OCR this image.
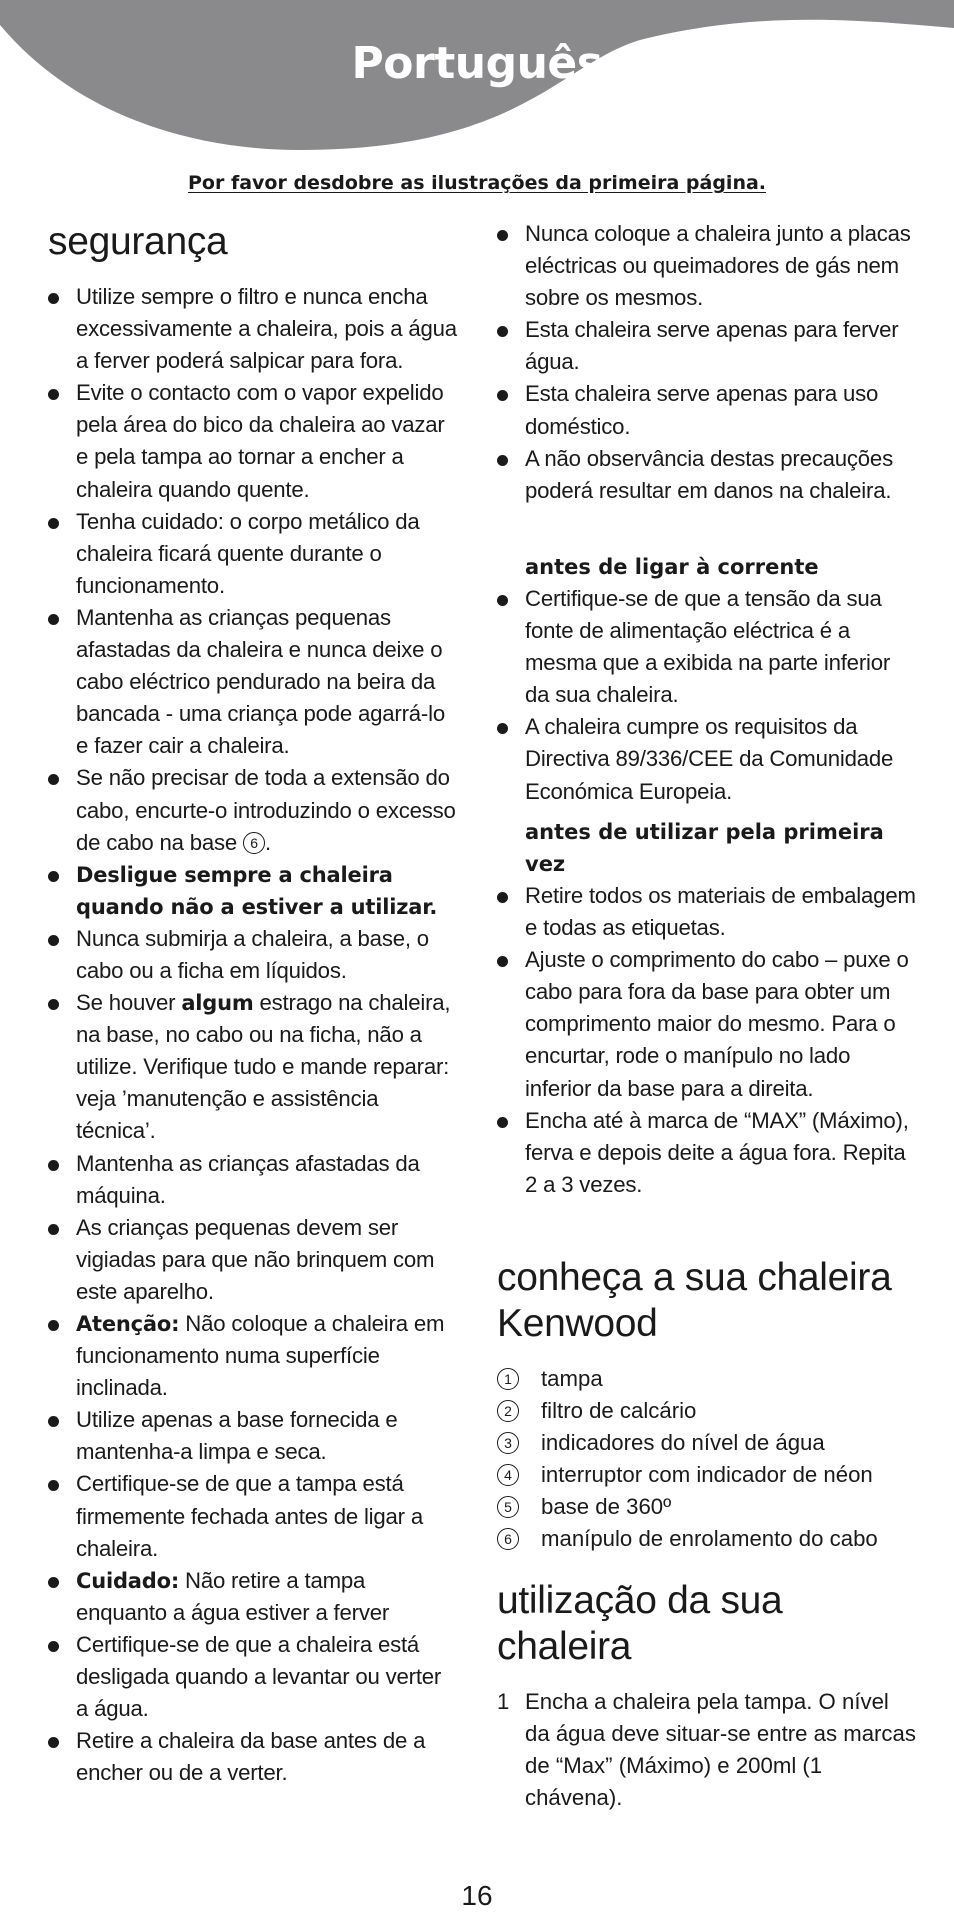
Português
Por favor desdobre as ilustrações da primeira página.
segurança
Utilize sempre o filtro e nunca encha excessivamente a chaleira, pois a água a ferver poderá salpicar para fora.
Evite o contacto com o vapor expelido pela área do bico da chaleira ao vazar e pela tampa ao tornar a encher a chaleira quando quente.
Tenha cuidado: o corpo metálico da chaleira ficará quente durante o funcionamento.
Mantenha as crianças pequenas afastadas da chaleira e nunca deixe o cabo eléctrico pendurado na beira da bancada - uma criança pode agarrá-lo e fazer cair a chaleira.
Se não precisar de toda a extensão do cabo, encurte-o introduzindo o excesso de cabo na base 6 .
Desligue sempre a chaleira quando não a estiver a utilizar.
Nunca submirja a chaleira, a base, o cabo ou a ficha em líquidos.
Se houver algum estrago na chaleira, na base, no cabo ou na ficha, não a utilize. Verifique tudo e mande reparar: veja ’manutenção e assistência técnica’.
Mantenha as crianças afastadas da máquina.
As crianças pequenas devem ser vigiadas para que não brinquem com este aparelho.
Atenção: Não coloque a chaleira em funcionamento numa superfície inclinada.
Utilize apenas a base fornecida e mantenha-a limpa e seca.
Certifique-se de que a tampa está firmemente fechada antes de ligar a chaleira.
Cuidado: Não retire a tampa enquanto a água estiver a ferver
Certifique-se de que a chaleira está desligada quando a levantar ou verter a água.
Retire a chaleira da base antes de a encher ou de a verter.
Nunca coloque a chaleira junto a placas eléctricas ou queimadores de gás nem sobre os mesmos.
Esta chaleira serve apenas para ferver água.
Esta chaleira serve apenas para uso doméstico.
A não observância destas precauções poderá resultar em danos na chaleira.
antes de ligar à corrente
Certifique-se de que a tensão da sua fonte de alimentação eléctrica é a mesma que a exibida na parte inferior da sua chaleira.
A chaleira cumpre os requisitos da Directiva 89/336/CEE da Comunidade Económica Europeia.
antes de utilizar pela primeira vez
Retire todos os materiais de embalagem e todas as etiquetas.
Ajuste o comprimento do cabo – puxe o cabo para fora da base para obter um comprimento maior do mesmo. Para o encurtar, rode o manípulo no lado inferior da base para a direita.
Encha até à marca de “MAX” (Máximo), ferva e depois deite a água fora. Repita 2 a 3 vezes.
conheça a sua chaleira Kenwood
1	tampa
2	filtro de calcário
3	indicadores do nível de água
4	interruptor com indicador de néon
5	base de 360º
6	manípulo de enrolamento do cabo
utilização da sua chaleira
1 Encha a chaleira pela tampa. O nível da água deve situar-se entre as marcas de “Max” (Máximo) e 200ml (1 chávena).
16
